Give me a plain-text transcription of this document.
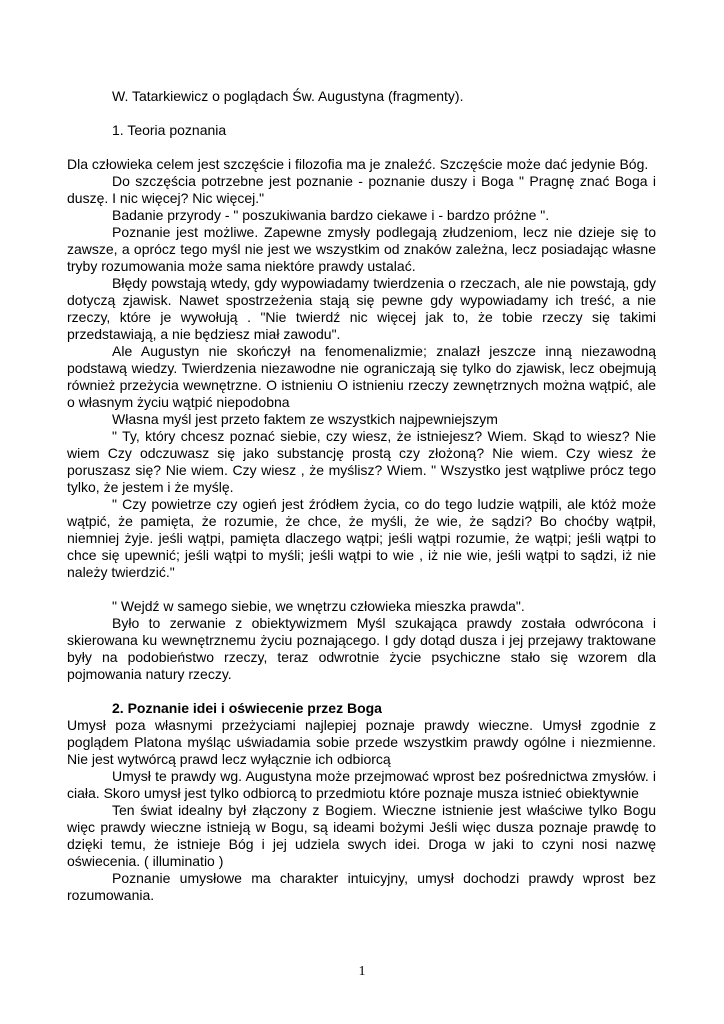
W. Tatarkiewicz o poglądach Św. Augustyna (fragmenty).

1. Teoria poznania

Dla człowieka celem jest szczęście i filozofia ma je znaleźć. Szczęście może dać jedynie Bóg.

Do szczęścia potrzebne jest poznanie - poznanie duszy i Boga " Pragnę znać Boga i duszę. I nic więcej? Nic więcej."

Badanie przyrody - " poszukiwania bardzo ciekawe i - bardzo próżne ".

Poznanie jest możliwe. Zapewne zmysły podlegają złudzeniom, lecz nie dzieje się to zawsze, a oprócz tego myśl nie jest we wszystkim od znaków zależna, lecz posiadając własne tryby rozumowania może sama niektóre prawdy ustalać.

Błędy powstają wtedy, gdy wypowiadamy twierdzenia o rzeczach, ale nie powstają, gdy dotyczą zjawisk. Nawet spostrzeżenia stają się pewne gdy wypowiadamy ich treść, a nie rzeczy, które je wywołują . "Nie twierdź nic więcej jak to, że tobie rzeczy się takimi przedstawiają, a nie będziesz miał zawodu".

Ale Augustyn nie skończył na fenomenalizmie; znalazł jeszcze inną niezawodną podstawą wiedzy. Twierdzenia niezawodne nie ograniczają się tylko do zjawisk, lecz obejmują również przeżycia wewnętrzne. O istnieniu O istnieniu rzeczy zewnętrznych można wątpić, ale o własnym życiu wątpić niepodobna

Własna myśl jest przeto faktem ze wszystkich najpewniejszym

" Ty, który chcesz poznać siebie, czy wiesz, że istniejesz? Wiem. Skąd to wiesz? Nie wiem Czy odczuwasz się jako substancję prostą czy złożoną? Nie wiem. Czy wiesz że poruszasz się? Nie wiem. Czy wiesz , że myślisz? Wiem. " Wszystko jest wątpliwe prócz tego tylko, że jestem i że myślę.

" Czy powietrze czy ogień jest źródłem życia, co do tego ludzie wątpili, ale któż może wątpić, że pamięta, że rozumie, że chce, że myśli, że wie, że sądzi? Bo choćby wątpił, niemniej żyje. jeśli wątpi, pamięta dlaczego wątpi; jeśli wątpi rozumie, że wątpi; jeśli wątpi to chce się upewnić; jeśli wątpi to myśli; jeśli wątpi to wie , iż nie wie, jeśli wątpi to sądzi, iż nie należy twierdzić."

" Wejdź w samego siebie, we wnętrzu człowieka mieszka prawda".

Było to zerwanie z obiektywizmem Myśl szukająca prawdy została odwrócona i skierowana ku wewnętrznemu życiu poznającego. I gdy dotąd dusza i jej przejawy traktowane były na podobieństwo rzeczy, teraz odwrotnie życie psychiczne stało się wzorem dla pojmowania natury rzeczy.

2. Poznanie idei i oświecenie przez Boga

Umysł poza własnymi przeżyciami najlepiej poznaje prawdy wieczne. Umysł zgodnie z poglądem Platona myśląc uświadamia sobie przede wszystkim prawdy ogólne i niezmienne. Nie jest wytwórcą prawd lecz wyłącznie ich odbiorcą

Umysł te prawdy wg. Augustyna może przejmować wprost bez pośrednictwa zmysłów. i ciała. Skoro umysł jest tylko odbiorcą to przedmiotu które poznaje musza istnieć obiektywnie

Ten świat idealny był złączony z Bogiem. Wieczne istnienie jest właściwe tylko Bogu więc prawdy wieczne istnieją w Bogu, są ideami bożymi Jeśli więc dusza poznaje prawdę to dzięki temu, że istnieje Bóg i jej udziela swych idei. Droga w jaki to czyni nosi nazwę oświecenia. ( illuminatio )

Poznanie umysłowe ma charakter intuicyjny, umysł dochodzi prawdy wprost bez rozumowania.

1
